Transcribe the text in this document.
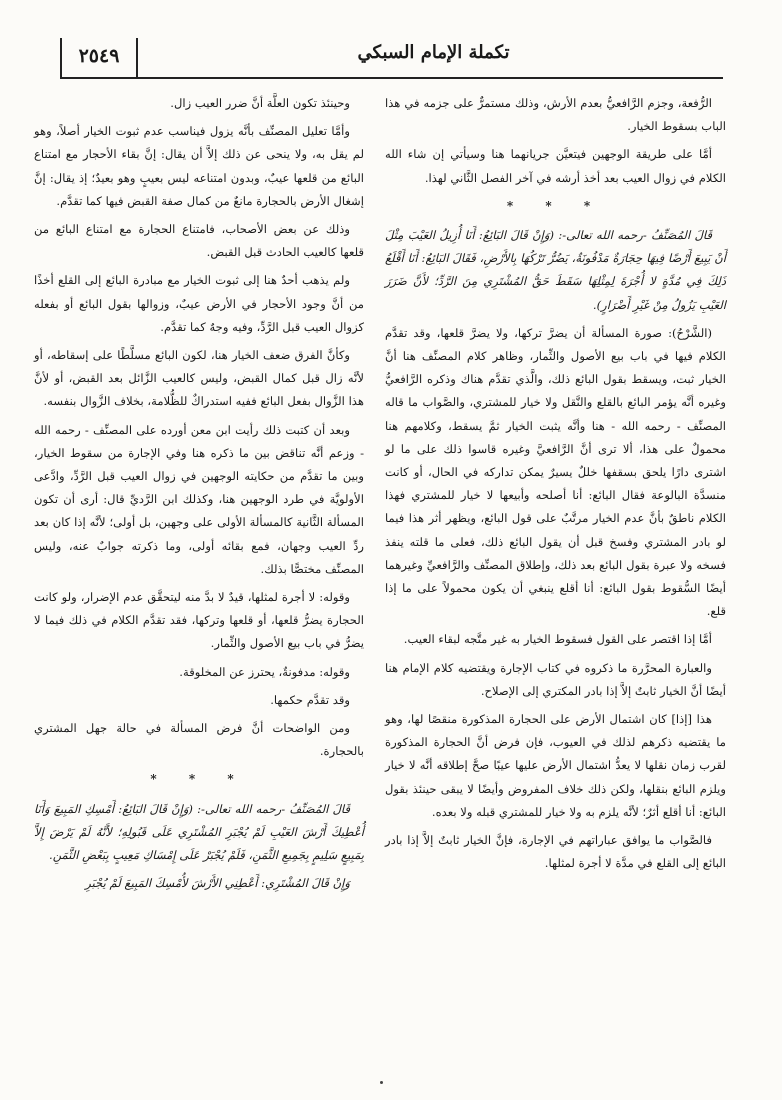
تكملة الإمام السبكي
٢٥٤٩

الرُّفعة، وجزم الرَّافعيُّ بعدم الأرش، وذلك مستمرٌّ على جزمه في هذا الباب بسقوط الخيار.

أمَّا على طريقة الوجهين فيتعيَّن جريانهما هنا وسيأتي إن شاء الله الكلام في زوال العيب بعد أخذ أرشه في آخر الفصل الثَّاني لهذا.

* * *

قَالَ المُصَنِّفُ -رحمه الله تعالى-: (وَإِنْ قَالَ البَائِعُ: أَنَا أُزِيلُ العَيْبَ مِثْلَ أَنْ يَبِيعَ أَرْضًا فِيهَا حِجَارَةٌ مَدْفُونَةٌ، يَضُرُّ تَرْكُهَا بِالأَرْضِ، فَقَالَ البَائِعُ: أَنَا أَقْلَعُ ذَلِكَ فِي مُدَّةٍ لا أُجْرَةَ لِمِثْلِهَا سَقَطَ حَقُّ المُشْتَرِي مِنَ الرَّدِّ؛ لأَنَّ ضَرَرَ العَيْبِ يَزُولُ مِنْ غَيْرِ أَضْرَارٍ).

(الشَّرْحُ): صورة المسألة أن يضرَّ تركها، ولا يضرَّ قلعها، وقد تقدَّم الكلام فيها في باب بيع الأصول والثِّمار، وظاهر كلام المصنِّف هنا أنَّ الخيار ثبت، ويسقط بقول البائع ذلك، والَّذي تقدَّم هناك وذكره الرَّافعيُّ وغيره أنَّه يؤمر البائع بالقلع والنَّقل ولا خيار للمشتري، والصَّواب ما قاله المصنِّف - رحمه الله - هنا وأنَّه يثبت الخيار ثمَّ يسقط، وكلامهم هنا محمولٌ على هذا، ألا ترى أنَّ الرَّافعيَّ وغيره قاسوا ذلك على ما لو اشترى دارًا يلحق بسقفها خللٌ يسيرٌ يمكن تداركه في الحال، أو كانت منسدَّة البالوعة فقال البائع: أنا أصلحه وأبيعها لا خيار للمشتري فهذا الكلام ناطقٌ بأنَّ عدم الخيار مرتَّبٌ على قول البائع، ويظهر أثر هذا فيما لو بادر المشتري وفسخ قبل أن يقول البائع ذلك، فعلى ما قلته ينفذ فسخه ولا عبرة بقول البائع بعد ذلك، وإطلاق المصنِّف والرَّافعيِّ وغيرهما أيضًا السُّقوط بقول البائع: أنا أقلع ينبغي أن يكون محمولاً على ما إذا قلع.

أمَّا إذا اقتصر على القول فسقوط الخيار به غير متَّجه لبقاء العيب.

والعبارة المحرَّرة ما ذكروه في كتاب الإجارة ويقتضيه كلام الإمام هنا أيضًا أنَّ الخيار ثابتٌ إلاَّ إذا بادر المكتري إلى الإصلاح.

هذا [إذا] كان اشتمال الأرض على الحجارة المذكورة منقصًا لها، وهو ما يقتضيه ذكرهم لذلك في العيوب، فإن فرض أنَّ الحجارة المذكورة لقرب زمان نقلها لا يعدُّ اشتمال الأرض عليها عيبًا صحَّ إطلاقه أنَّه لا خيار ويلزم البائع بنقلها، ولكن ذلك خلاف المفروض وأيضًا لا يبقى حينئذ بقول البائع: أنا أقلع أثرٌ؛ لأنَّه يلزم به ولا خيار للمشتري قبله ولا بعده.

فالصَّواب ما يوافق عباراتهم في الإجارة، فإنَّ الخيار ثابتٌ إلاَّ إذا بادر البائع إلى القلع في مدَّة لا أجرة لمثلها.

وحينئذ تكون العلَّة أنَّ ضرر العيب زال.

وأمَّا تعليل المصنِّف بأنَّه يزول فيناسب عدم ثبوت الخيار أصلاً، وهو لم يقل به، ولا ينحى عن ذلك إلاَّ أن يقال: إنَّ بقاء الأحجار مع امتناع البائع من قلعها عيبٌ، وبدون امتناعه ليس بعيبٍ وهو بعيدٌ؛ إذ يقال: إنَّ إشغال الأرض بالحجارة مانعٌ من كمال صفة القبض فيها كما تقدَّم.

وذلك عن بعض الأصحاب، فامتناع الحجارة مع امتناع البائع من قلعها كالعيب الحادث قبل القبض.

ولم يذهب أحدٌ هنا إلى ثبوت الخيار مع مبادرة البائع إلى القلع أخذًا من أنَّ وجود الأحجار في الأرض عيبٌ، وزوالها بقول البائع أو بفعله كزوال العيب قبل الرَّدِّ، وفيه وجهٌ كما تقدَّم.

وكأنَّ الفرق ضعف الخيار هنا، لكون البائع مسلَّطًا على إسقاطه، أو لأنَّه زال قبل كمال القبض، وليس كالعيب الزَّائل بعد القبض، أو لأنَّ هذا الزَّوال بفعل البائع ففيه استدراكٌ للظُّلامة، بخلاف الزَّوال بنفسه.

وبعد أن كتبت ذلك رأيت ابن معن أورده على المصنِّف - رحمه الله - وزعم أنَّه تناقض بين ما ذكره هنا وفي الإجارة من سقوط الخيار، وبين ما تقدَّم من حكايته الوجهين في زوال العيب قبل الرَّدِّ، وادَّعى الأولويَّة في طرد الوجهين هنا، وكذلك ابن الرَّديِّ قال: أرى أن تكون المسألة الثَّانية كالمسألة الأولى على وجهين، بل أولى؛ لأنَّه إذا كان بعد ردِّ العيب وجهان، فمع بقائه أولى، وما ذكرته جوابٌ عنه، وليس المصنِّف مختصًّا بذلك.

وقوله: لا أجرة لمثلها، قيدٌ لا بدَّ منه ليتحقَّق عدم الإضرار، ولو كانت الحجارة يضرُّ قلعها، أو قلعها وتركها، فقد تقدَّم الكلام في ذلك فيما لا يضرُّ في باب بيع الأصول والثِّمار.

وقوله: مدفونةٌ، يحترز عن المخلوقة.

وقد تقدَّم حكمها.

ومن الواضحات أنَّ فرض المسألة في حالة جهل المشتري بالحجارة.

* * *

قَالَ المُصَنِّفُ -رحمه الله تعالى-: (وَإِنْ قَالَ البَائِعُ: أَمْسِكِ المَبِيعَ وَأَنَا أُعْطِيكَ أَرْشَ العَيْبِ لَمْ يُجْبَرِ المُشْتَرِي عَلَى قَبُولِهِ؛ لأَنَّهُ لَمْ يَرْضَ إِلاَّ بِمَبِيعٍ سَلِيمٍ بِجَمِيعِ الثَّمَنِ، فَلَمْ يُجْبَرْ عَلَى إِمْسَاكِ مَعِيبٍ بِبَعْضِ الثَّمَنِ.

وَإِنْ قَالَ المُشْتَرِي: أَعْطِنِي الأَرْشَ لأُمْسِكَ المَبِيعَ لَمْ يُجْبَرِ
